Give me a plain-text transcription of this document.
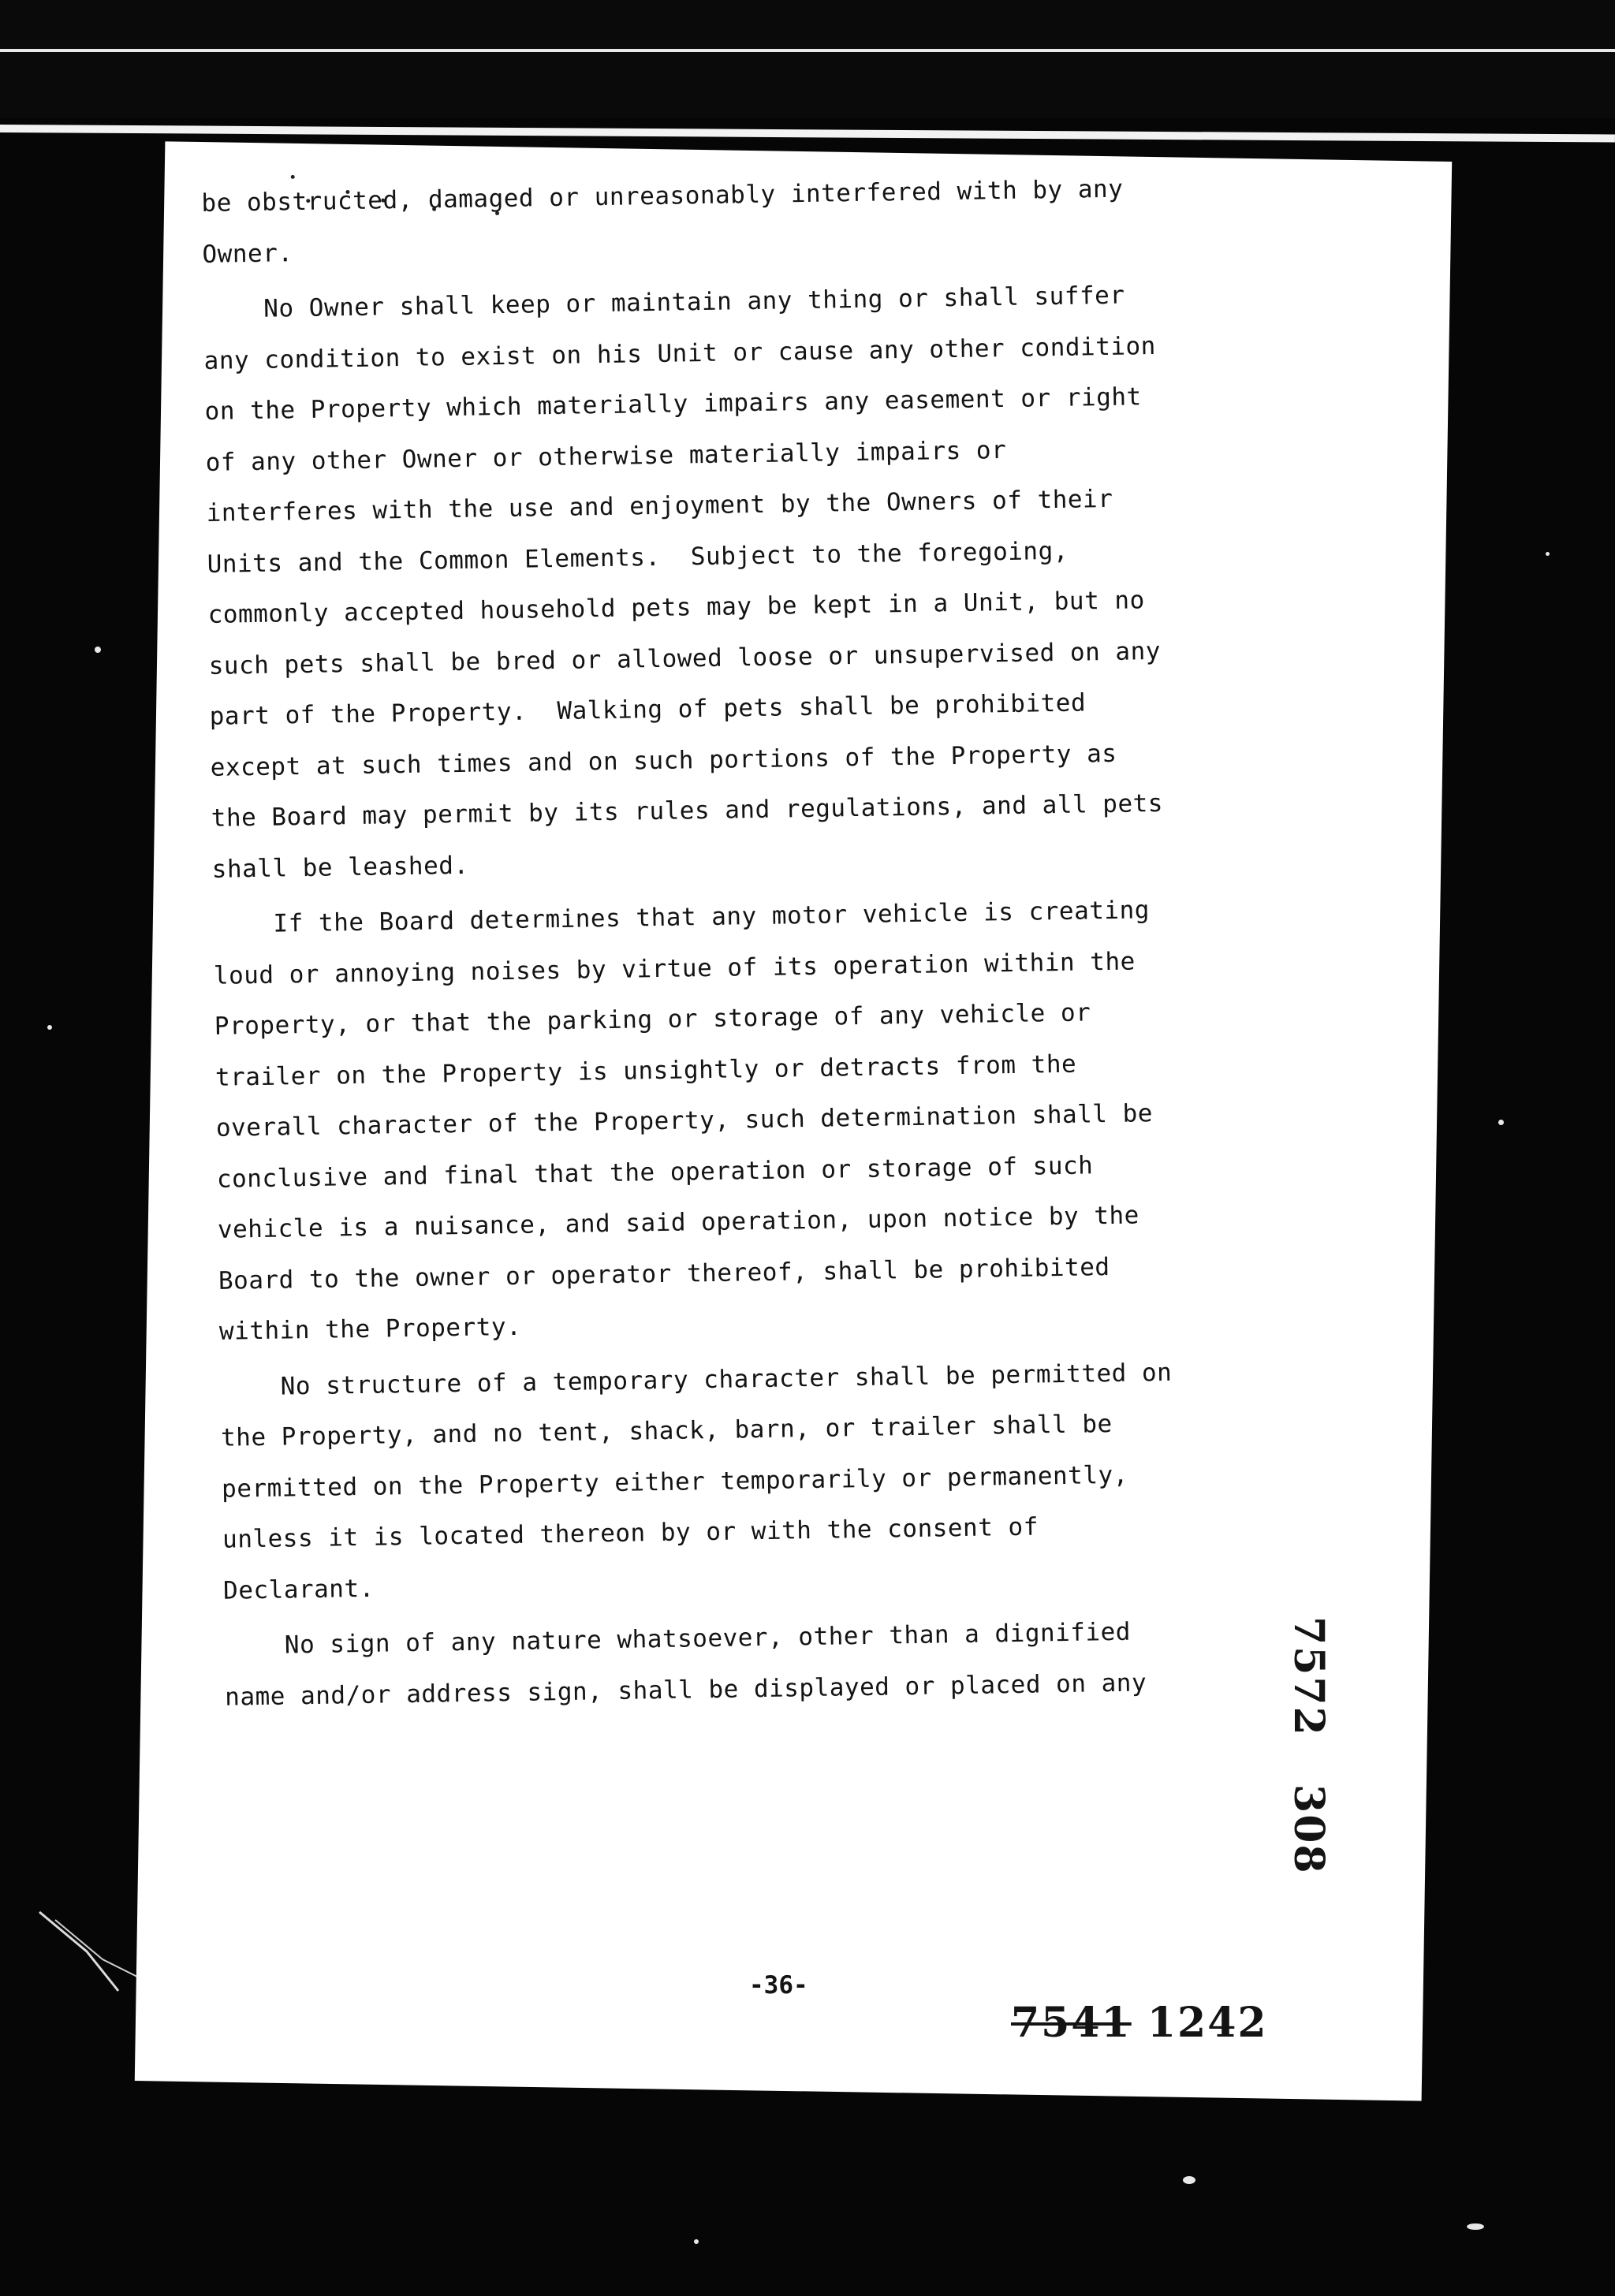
be obstructed, damaged or unreasonably interfered with by any
Owner.
No Owner shall keep or maintain any thing or shall suffer
any condition to exist on his Unit or cause any other condition
on the Property which materially impairs any easement or right
of any other Owner or otherwise materially impairs or
interferes with the use and enjoyment by the Owners of their
Units and the Common Elements.  Subject to the foregoing,
commonly accepted household pets may be kept in a Unit, but no
such pets shall be bred or allowed loose or unsupervised on any
part of the Property.  Walking of pets shall be prohibited
except at such times and on such portions of the Property as
the Board may permit by its rules and regulations, and all pets
shall be leashed.
If the Board determines that any motor vehicle is creating
loud or annoying noises by virtue of its operation within the
Property, or that the parking or storage of any vehicle or
trailer on the Property is unsightly or detracts from the
overall character of the Property, such determination shall be
conclusive and final that the operation or storage of such
vehicle is a nuisance, and said operation, upon notice by the
Board to the owner or operator thereof, shall be prohibited
within the Property.
No structure of a temporary character shall be permitted on
the Property, and no tent, shack, barn, or trailer shall be
permitted on the Property either temporarily or permanently,
unless it is located thereon by or with the consent of
Declarant.
No sign of any nature whatsoever, other than a dignified
name and/or address sign, shall be displayed or placed on any
-36-
7541 1242
7572   308
